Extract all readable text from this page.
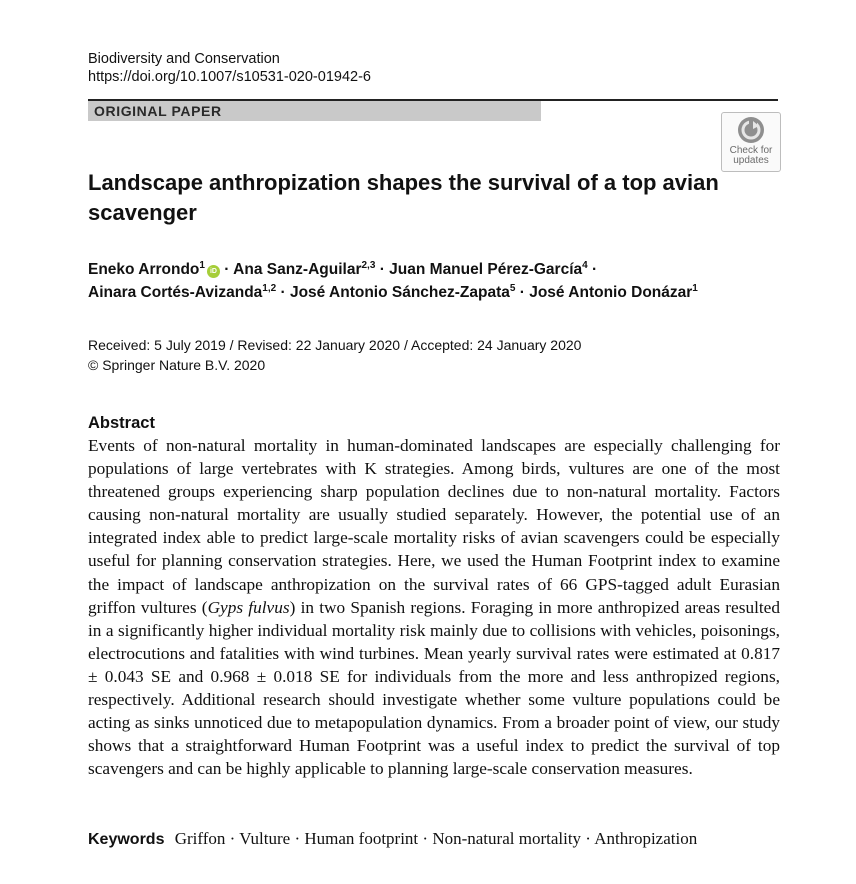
Biodiversity and Conservation
https://doi.org/10.1007/s10531-020-01942-6
ORIGINAL PAPER
Check for
updates
Landscape anthropization shapes the survival of a top avian scavenger
Eneko Arrondo$^1$iD · Ana Sanz-Aguilar$^{2,3}$ · Juan Manuel Pérez-García$^4$ ·
Ainara Cortés-Avizanda$^{1,2}$ · José Antonio Sánchez-Zapata$^5$ · José Antonio Donázar$^1$
Received: 5 July 2019 / Revised: 22 January 2020 / Accepted: 24 January 2020
© Springer Nature B.V. 2020
Abstract
Events of non-natural mortality in human-dominated landscapes are especially challenging for populations of large vertebrates with K strategies. Among birds, vultures are one of the most threatened groups experiencing sharp population declines due to non-natural mortality. Factors causing non-natural mortality are usually studied separately. However, the potential use of an integrated index able to predict large-scale mortality risks of avian scavengers could be especially useful for planning conservation strategies. Here, we used the Human Footprint index to examine the impact of landscape anthropization on the survival rates of 66 GPS-tagged adult Eurasian griffon vultures (Gyps fulvus) in two Spanish regions. Foraging in more anthropized areas resulted in a significantly higher individual mortality risk mainly due to collisions with vehicles, poisonings, electrocutions and fatalities with wind turbines. Mean yearly survival rates were estimated at 0.817 ± 0.043 SE and 0.968 ± 0.018 SE for individuals from the more and less anthropized regions, respectively. Additional research should investigate whether some vulture populations could be acting as sinks unnoticed due to metapopulation dynamics. From a broader point of view, our study shows that a straightforward Human Footprint was a useful index to predict the survival of top scavengers and can be highly applicable to planning large-scale conservation measures.
Keywords Griffon · Vulture · Human footprint · Non-natural mortality · Anthropization
